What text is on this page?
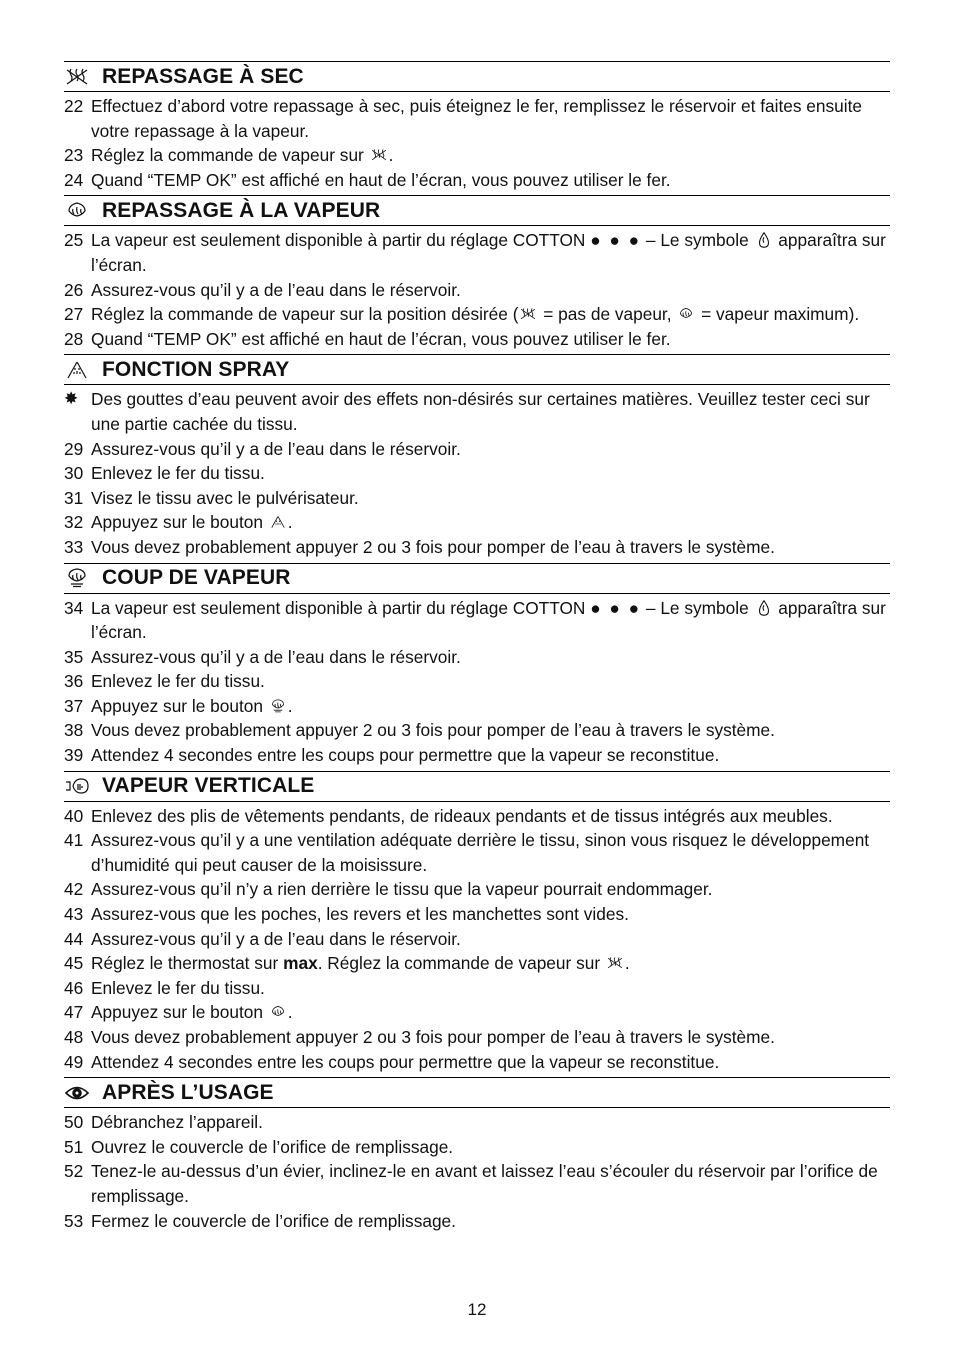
REPASSAGE À SEC
22 Effectuez d’abord votre repassage à sec, puis éteignez le fer, remplissez le réservoir et faites ensuite votre repassage à la vapeur.
23 Réglez la commande de vapeur sur .
24 Quand “TEMP OK” est affiché en haut de l’écran, vous pouvez utiliser le fer.
REPASSAGE À LA VAPEUR
25 La vapeur est seulement disponible à partir du réglage COTTON ● ● ● – Le symbole  apparaîtra sur l’écran.
26 Assurez-vous qu’il y a de l’eau dans le réservoir.
27 Réglez la commande de vapeur sur la position désirée ( = pas de vapeur,  = vapeur maximum).
28 Quand “TEMP OK” est affiché en haut de l’écran, vous pouvez utiliser le fer.
FONCTION SPRAY
✸ Des gouttes d’eau peuvent avoir des effets non-désirés sur certaines matières. Veuillez tester ceci sur une partie cachée du tissu.
29 Assurez-vous qu’il y a de l’eau dans le réservoir.
30 Enlevez le fer du tissu.
31 Visez le tissu avec le pulvérisateur.
32 Appuyez sur le bouton .
33 Vous devez probablement appuyer 2 ou 3 fois pour pomper de l’eau à travers le système.
COUP DE VAPEUR
34 La vapeur est seulement disponible à partir du réglage COTTON ● ● ● – Le symbole  apparaîtra sur l’écran.
35 Assurez-vous qu’il y a de l’eau dans le réservoir.
36 Enlevez le fer du tissu.
37 Appuyez sur le bouton .
38 Vous devez probablement appuyer 2 ou 3 fois pour pomper de l’eau à travers le système.
39 Attendez 4 secondes entre les coups pour permettre que la vapeur se reconstitue.
VAPEUR VERTICALE
40 Enlevez des plis de vêtements pendants, de rideaux pendants et de tissus intégrés aux meubles.
41 Assurez-vous qu’il y a une ventilation adéquate derrière le tissu, sinon vous risquez le développement d’humidité qui peut causer de la moisissure.
42 Assurez-vous qu’il n’y a rien derrière le tissu que la vapeur pourrait endommager.
43 Assurez-vous que les poches, les revers et les manchettes sont vides.
44 Assurez-vous qu’il y a de l’eau dans le réservoir.
45 Réglez le thermostat sur max. Réglez la commande de vapeur sur .
46 Enlevez le fer du tissu.
47 Appuyez sur le bouton .
48 Vous devez probablement appuyer 2 ou 3 fois pour pomper de l’eau à travers le système.
49 Attendez 4 secondes entre les coups pour permettre que la vapeur se reconstitue.
APRÈS L’USAGE
50 Débranchez l’appareil.
51 Ouvrez le couvercle de l’orifice de remplissage.
52 Tenez-le au-dessus d’un évier, inclinez-le en avant et laissez l’eau s’écouler du réservoir par l’orifice de remplissage.
53 Fermez le couvercle de l’orifice de remplissage.
12
